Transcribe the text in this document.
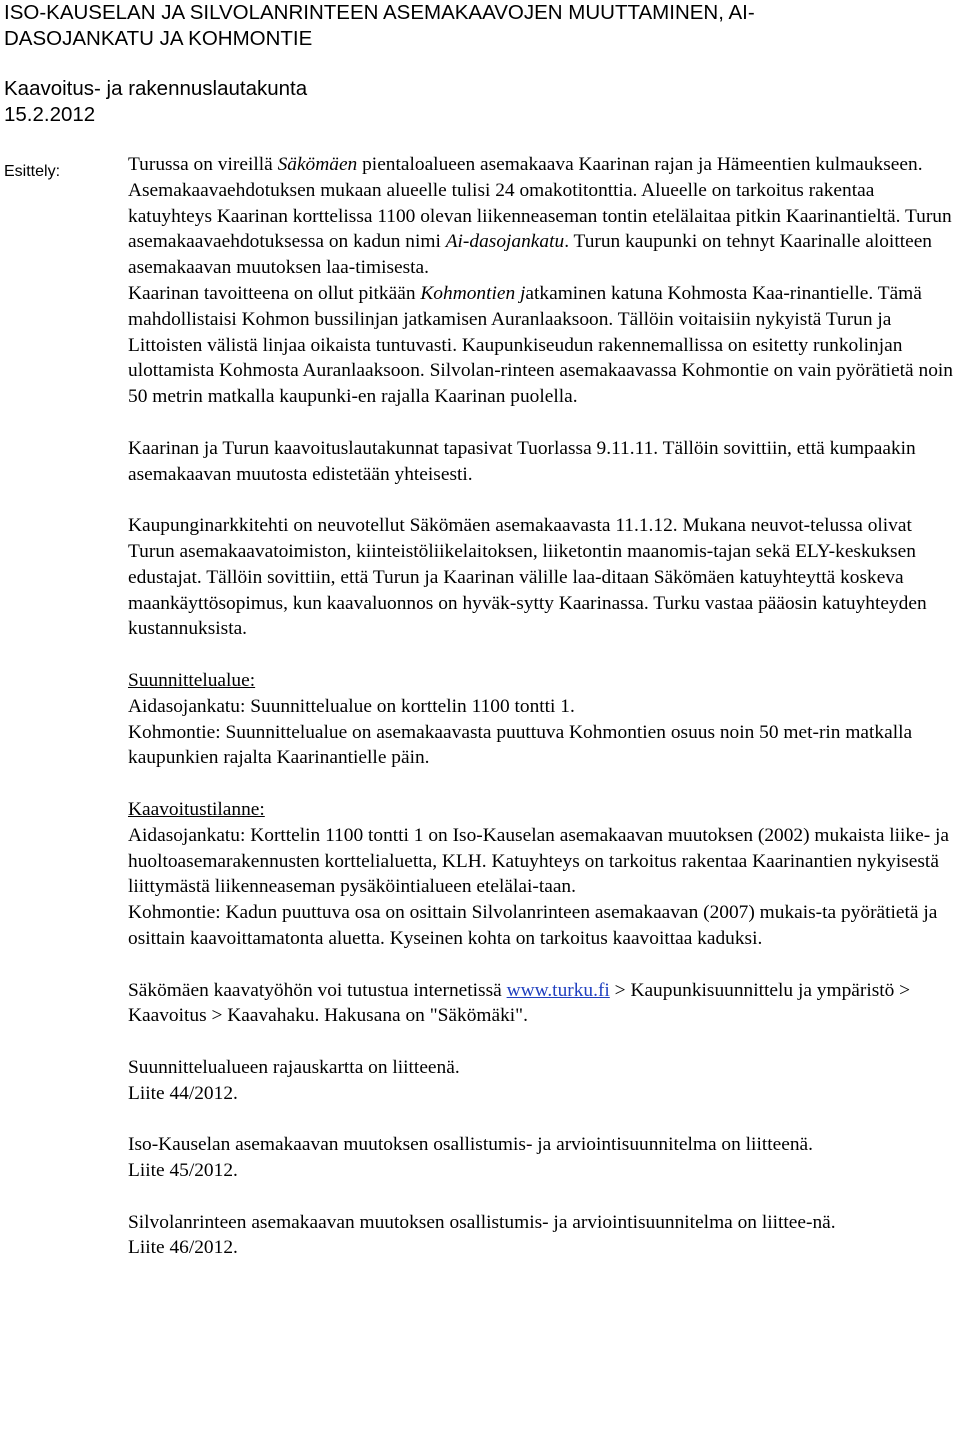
ISO-KAUSELAN JA SILVOLANRINTEEN ASEMAKAAVOJEN MUUTTAMINEN, AI-
DASOJANKATU JA KOHMONTIE
Kaavoitus- ja rakennuslautakunta
15.2.2012
Esittely:	Turussa on vireillä Säkömäen pientaloalueen asemakaava Kaarinan rajan ja Hämeentien kulmaukseen. Asemakaavaehdotuksen mukaan alueelle tulisi 24 omakotitonttia. Alueelle on tarkoitus rakentaa katuyhteys Kaarinan korttelissa 1100 olevan liikenneaseman tontin etelälaitaa pitkin Kaarinantieltä. Turun asemakaavaehdotuksessa on kadun nimi Ai-dasojankatu. Turun kaupunki on tehnyt Kaarinalle aloitteen asemakaavan muutoksen laa-timisesta.

Kaarinan tavoitteena on ollut pitkään Kohmontien jatkaminen katuna Kohmosta Kaa-rinantielle. Tämä mahdollistaisi Kohmon bussilinjan jatkamisen Auranlaaksoon. Tällöin voitaisiin nykyistä Turun ja Littoisten välistä linjaa oikaista tuntuvasti. Kaupunkiseudun rakennemallissa on esitetty runkolinjan ulottamista Kohmosta Auranlaaksoon. Silvolan-rinteen asemakaavassa Kohmontie on vain pyörätietä noin 50 metrin matkalla kaupunki-en rajalla Kaarinan puolella.

Kaarinan ja Turun kaavoituslautakunnat tapasivat Tuorlassa 9.11.11. Tällöin sovittiin, että kumpaakin asemakaavan muutosta edistetään yhteisesti.

Kaupunginarkkitehti on neuvotellut Säkömäen asemakaavasta 11.1.12. Mukana neuvot-telussa olivat Turun asemakaavatoimiston, kiinteistöliikelaitoksen, liiketontin maanomis-tajan sekä ELY-keskuksen edustajat. Tällöin sovittiin, että Turun ja Kaarinan välille laa-ditaan Säkömäen katuyhteyttä koskeva maankäyttösopimus, kun kaavaluonnos on hyväk-sytty Kaarinassa. Turku vastaa pääosin katuyhteyden kustannuksista.

Suunnittelualue:

Aidasojankatu: Suunnittelualue on korttelin 1100 tontti 1.

Kohmontie: Suunnittelualue on asemakaavasta puuttuva Kohmontien osuus noin 50 met-rin matkalla kaupunkien rajalta Kaarinantielle päin.

Kaavoitustilanne:

Aidasojankatu: Korttelin 1100 tontti 1 on Iso-Kauselan asemakaavan muutoksen (2002) mukaista liike- ja huoltoasemarakennusten korttelialuetta, KLH. Katuyhteys on tarkoitus rakentaa Kaarinantien nykyisestä liittymästä liikenneaseman pysäköintialueen etelälai-taan.

Kohmontie: Kadun puuttuva osa on osittain Silvolanrinteen asemakaavan (2007) mukais-ta pyörätietä ja osittain kaavoittamatonta aluetta. Kyseinen kohta on tarkoitus kaavoittaa kaduksi.

Säkömäen kaavatyöhön voi tutustua internetissä www.turku.fi > Kaupunkisuunnittelu ja ympäristö > Kaavoitus > Kaavahaku. Hakusana on "Säkömäki".

Suunnittelualueen rajauskartta on liitteenä.

Liite 44/2012.

Iso-Kauselan asemakaavan muutoksen osallistumis- ja arviointisuunnitelma on liitteenä.

Liite 45/2012.

Silvolanrinteen asemakaavan muutoksen osallistumis- ja arviointisuunnitelma on liittee-nä.

Liite 46/2012.
